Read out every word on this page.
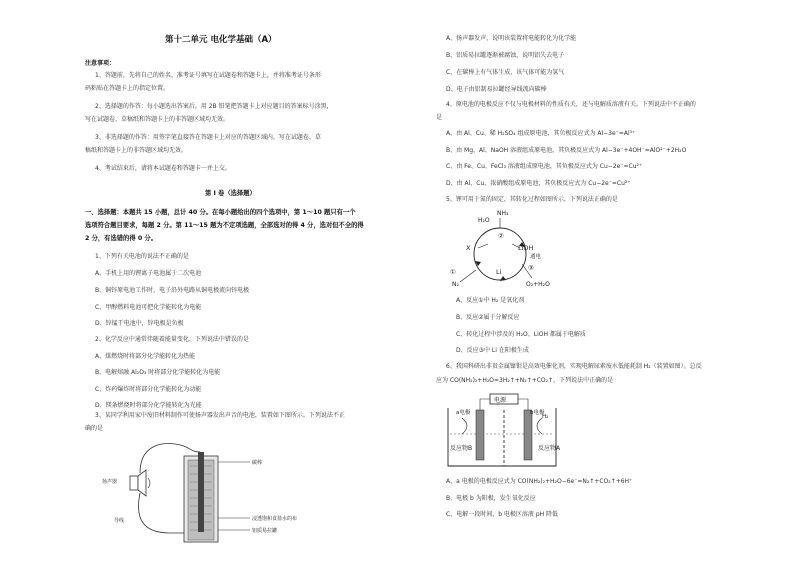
第十二单元 电化学基础（A）
注意事项：
1、答题前，先将自己的姓名、准考证号填写在试题卷和答题卡上，并将准考证号条形
码粘贴在答题卡上的指定位置。
2、选择题的作答：每小题选出答案后，用 2B 铅笔把答题卡上对应题目的答案标号涂黑，
写在试题卷、草稿纸和答题卡上的非答题区域均无效。
3、非选择题的作答：用签字笔直接答在答题卡上对应的答题区域内。写在试题卷、草
稿纸和答题卡上的非答题区域均无效。
4、考试结束后，请将本试题卷和答题卡一并上交。
第 I 卷（选择题）
一、选择题：本题共 15 小题，总计 40 分。在每小题给出的四个选项中，第 1～10 题只有一个
选项符合题目要求，每题 2 分。第 11～15 题为不定项选题，全部选对的得 4 分，选对但不全的得
2 分，有选错的得 0 分。
1、下列有关电池的说法不正确的是
A、手机上用的锂离子电池属于二次电池
B、铜锌原电池工作时，电子沿外电路从铜电极流向锌电极
C、甲醇燃料电池可把化学能转化为电能
D、锌锰干电池中，锌电极是负极
2、化学反应中通常伴随着能量变化，下列说法中错误的是
A、煤燃烧时将部分化学能转化为热能
B、电解熔融 Al₂O₃ 时将部分化学能转化为电能
C、炸药爆炸时将部分化学能转化为动能
D、镁条燃烧时将部分化学能转化为光能
3、某同学利用家中废旧材料制作可使扬声器发出声音的电池，装置如下图所示。下列说法不正
确的是
碳棒
浸透饱和食盐水的布
铝质易拉罐
扬声器
导线
A、扬声器发声，说明该装置将电能转化为化学能
B、铝质易拉罐逐渐被腐蚀，说明铝失去电子
C、在碳棒上有气体生成，该气体可能为氢气
D、电子由铝制易拉罐经导线流向碳棒
4、原电池的电极反应不仅与电极材料的性质有关，还与电解质溶液有关。下列说法中不正确的
是
A、由 Al、Cu、稀 H₂SO₄ 组成原电池，其负极反应式为 Al−3e⁻=Al³⁺
B、由 Mg、Al、NaOH 溶液组成原电池，其负极反应式为 Al−3e⁻+4OH⁻=AlO²⁻+2H₂O
C、由 Fe、Cu、FeCl₃ 溶液组成原电池，其负极反应式为 Cu−2e⁻=Cu²⁺
D、由 Al、Cu、浓硝酸组成原电池，其负极反应式为 Cu−2e⁻=Cu²⁺
5、锂可用于氮的固定，其转化过程如图所示，下列说法正确的是
NH₃
H₂O
X	LiOH
Li
①
②
③
N₂
通电
O₂+H₂O
A、反应①中 H₂ 是氧化剂
B、反应②属于分解反应
C、转化过程中涉及的 H₂O、LiOH 都属于电解质
D、反应③中 Li 在阳极生成
6、我国科研出非贵金属镍钼是高效电催化剂，实现电解尿素废水低能耗制 H₂（装置如图）。总反
应为 CO(NH₂)₂+H₂O=3H₂↑+N₂↑+CO₂↑，下列说法中正确的是
电源
a电极	b电极
H₂
反应物B	反应物A
A、a 电极的电极反应式为 CO(NH₂)₂+H₂O−6e⁻=N₂↑+CO₂↑+6H⁺
B、电极 b 为阳极，发生氧化反应
C、电解一段时间，b 电极区溶液 pH 降低
